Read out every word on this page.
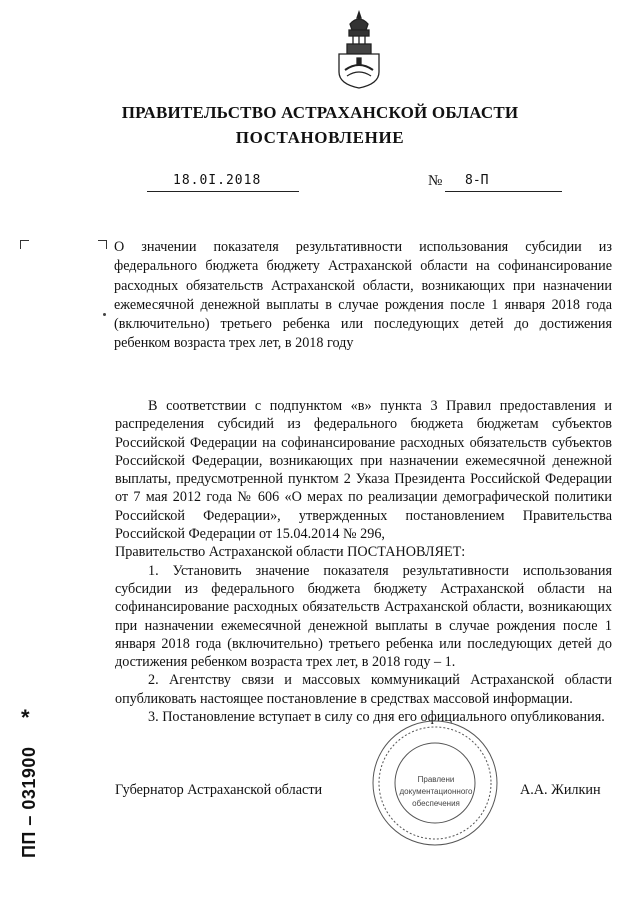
ПРАВИТЕЛЬСТВО АСТРАХАНСКОЙ ОБЛАСТИ
ПОСТАНОВЛЕНИЕ
18.0I.2018	№ 8-П

О значении показателя результативности использования субсидии из федерального бюджета бюджету Астраханской области на софинансирование расходных обязательств Астраханской области, возникающих при назначении ежемесячной денежной выплаты в случае рождения после 1 января 2018 года (включительно) третьего ребенка или последующих детей до достижения ребенком возраста трех лет, в 2018 году

В соответствии с подпунктом «в» пункта 3 Правил предоставления и распределения субсидий из федерального бюджета бюджетам субъектов Российской Федерации на софинансирование расходных обязательств субъектов Российской Федерации, возникающих при назначении ежемесячной денежной выплаты, предусмотренной пунктом 2 Указа Президента Российской Федерации от 7 мая 2012 года № 606 «О мерах по реализации демографической политики Российской Федерации», утвержденных постановлением Правительства Российской Федерации от 15.04.2014 № 296,

Правительство Астраханской области ПОСТАНОВЛЯЕТ:

1. Установить значение показателя результативности использования субсидии из федерального бюджета бюджету Астраханской области на софинансирование расходных обязательств Астраханской области, возникающих при назначении ежемесячной денежной выплаты в случае рождения после 1 января 2018 года (включительно) третьего ребенка или последующих детей до достижения ребенком возраста трех лет, в 2018 году – 1.

2. Агентству связи и массовых коммуникаций Астраханской области опубликовать настоящее постановление в средствах массовой информации.

3. Постановление вступает в силу со дня его официального опубликования.

Правлени
документационного
обеспечения
Губернатор Астраханской области	А.А. Жилкин
*
ПП – 031900
